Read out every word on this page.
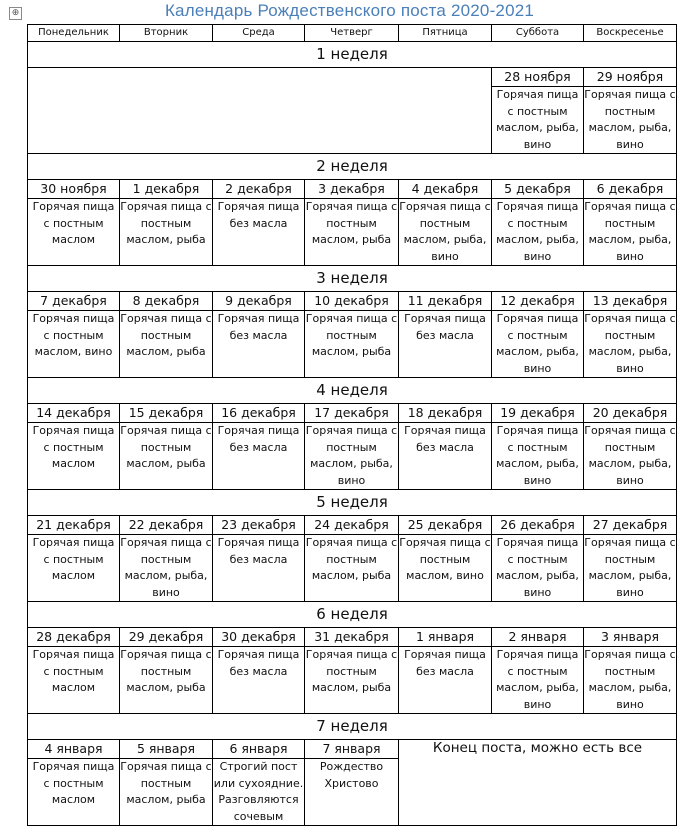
⊕	Календарь Рождественского поста 2020-2021
Понедельник	Вторник	Среда	Четверг	Пятница	Суббота	Воскресенье
1 неделя						
					28 ноября	29 ноября
					Горячая пища с постным маслом, рыба, вино	Горячая пища с постным маслом, рыба, вино
2 неделя						
30 ноября	1 декабря	2 декабря	3 декабря	4 декабря	5 декабря	6 декабря
Горячая пища с постным маслом	Горячая пища с постным маслом, рыба	Горячая пища без масла	Горячая пища с постным маслом, рыба	Горячая пища с постным маслом, рыба, вино	Горячая пища с постным маслом, рыба, вино	Горячая пища с постным маслом, рыба, вино
3 неделя						
7 декабря	8 декабря	9 декабря	10 декабря	11 декабря	12 декабря	13 декабря
Горячая пища с постным маслом, вино	Горячая пища с постным маслом, рыба	Горячая пища без масла	Горячая пища с постным маслом, рыба	Горячая пища без масла	Горячая пища с постным маслом, рыба, вино	Горячая пища с постным маслом, рыба, вино
4 неделя						
14 декабря	15 декабря	16 декабря	17 декабря	18 декабря	19 декабря	20 декабря
Горячая пища с постным маслом	Горячая пища с постным маслом, рыба	Горячая пища без масла	Горячая пища с постным маслом, рыба, вино	Горячая пища без масла	Горячая пища с постным маслом, рыба, вино	Горячая пища с постным маслом, рыба, вино
5 неделя						
21 декабря	22 декабря	23 декабря	24 декабря	25 декабря	26 декабря	27 декабря
Горячая пища с постным маслом	Горячая пища с постным маслом, рыба, вино	Горячая пища без масла	Горячая пища с постным маслом, рыба	Горячая пища с постным маслом, вино	Горячая пища с постным маслом, рыба, вино	Горячая пища с постным маслом, рыба, вино
6 неделя						
28 декабря	29 декабря	30 декабря	31 декабря	1 января	2 января	3 января
Горячая пища с постным маслом	Горячая пища с постным маслом, рыба	Горячая пища без масла	Горячая пища с постным маслом, рыба	Горячая пища без масла	Горячая пища с постным маслом, рыба, вино	Горячая пища с постным маслом, рыба, вино
7 неделя						
4 января	5 января	6 января	7 января	Конец поста, можно есть все		
Горячая пища с постным маслом	Горячая пища с постным маслом, рыба	Строгий пост или сухоядние. Разговляются сочевым	Рождество Христово			
